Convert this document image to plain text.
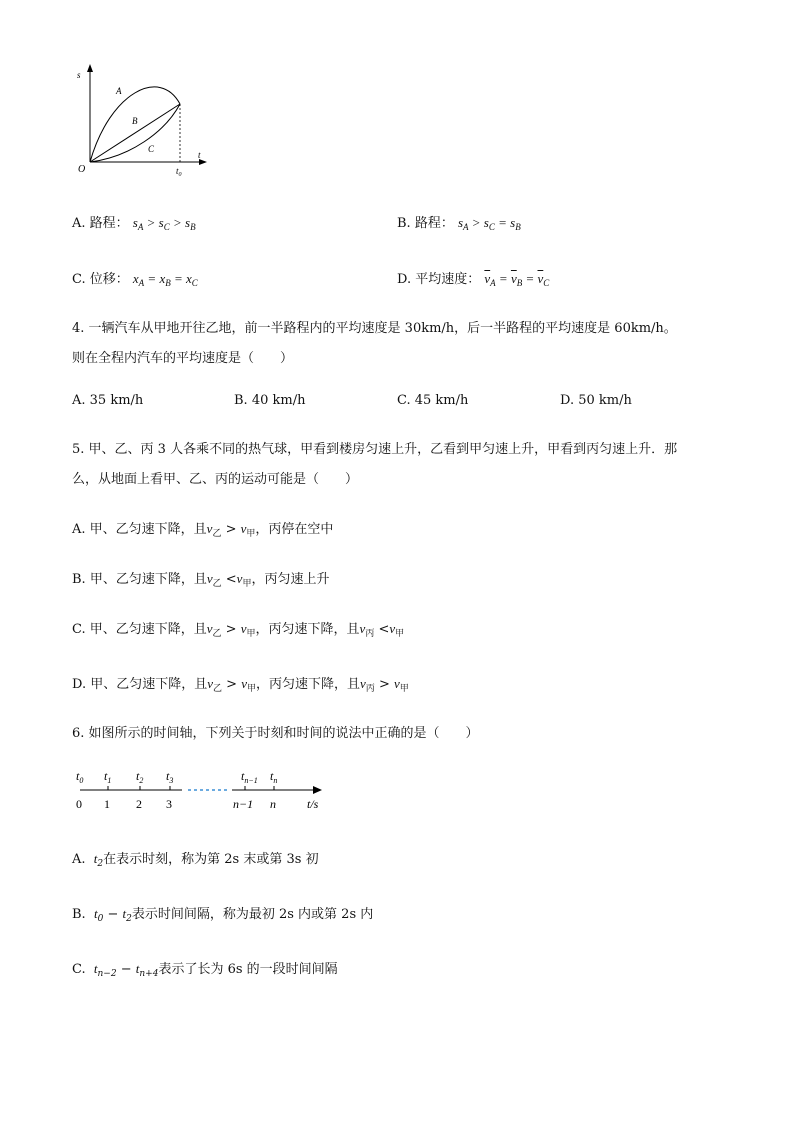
s
t
O
A
B
C
$t_0$
A. 路程： $s_A > s_C > s_B$	B. 路程： $s_A > s_C = s_B$
C. 位移： $x_A = x_B = x_C$	D. 平均速度： $\overline{v}_A = \overline{v}_B = \overline{v}_C$
4. 一辆汽车从甲地开往乙地，前一半路程内的平均速度是 30km/h，后一半路程的平均速度是 60km/h。
则在全程内汽车的平均速度是（　　）
A. 35 km/h	B. 40 km/h	C. 45 km/h	D. 50 km/h
5. 甲、乙、丙 3 人各乘不同的热气球，甲看到楼房匀速上升，乙看到甲匀速上升，甲看到丙匀速上升．那
么，从地面上看甲、乙、丙的运动可能是（　　）
A. 甲、乙匀速下降，且$v_乙 > v_甲$，丙停在空中
B. 甲、乙匀速下降，且$v_乙 <v_甲$，丙匀速上升
C. 甲、乙匀速下降，且$v_乙 > v_甲$，丙匀速下降，且$v_丙 <v_甲$
D. 甲、乙匀速下降，且$v_乙 > v_甲$，丙匀速下降，且$v_丙 > v_甲$
6. 如图所示的时间轴，下列关于时刻和时间的说法中正确的是（　　）
$t_0$
0
$t_1$
1
$t_2$
2
$t_3$
3
$t_{n-1}$
n−1
$t_n$
n	t/s
A. $t_2$在表示时刻，称为第 2s 末或第 3s 初
B. $t_0 - t_2$表示时间间隔，称为最初 2s 内或第 2s 内
C. $t_{n-2} - t_{n+4}$表示了长为 6s 的一段时间间隔
